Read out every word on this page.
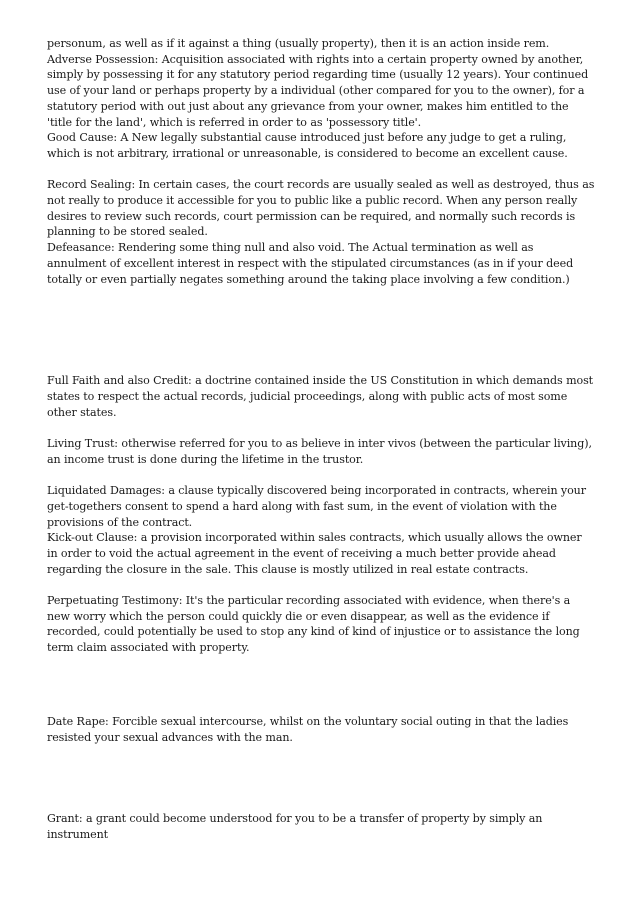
personum, as well as if it against a thing (usually property), then it is an action inside rem.

Adverse Possession: Acquisition associated with rights into a certain property owned by another, simply by possessing it for any statutory period regarding time (usually 12 years). Your continued use of your land or perhaps property by a individual (other compared for you to the owner), for a statutory period with out just about any grievance from your owner, makes him entitled to the 'title for the land', which is referred in order to as 'possessory title'.

Good Cause: A New legally substantial cause introduced just before any judge to get a ruling, which is not arbitrary, irrational or unreasonable, is considered to become an excellent cause.

Record Sealing: In certain cases, the court records are usually sealed as well as destroyed, thus as not really to produce it accessible for you to public like a public record. When any person really desires to review such records, court permission can be required, and normally such records is planning to be stored sealed.

Defeasance: Rendering some thing null and also void. The Actual termination as well as annulment of excellent interest in respect with the stipulated circumstances (as in if your deed totally or even partially negates something around the taking place involving a few condition.)

Full Faith and also Credit: a doctrine contained inside the US Constitution in which demands most states to respect the actual records, judicial proceedings, along with public acts of most some other states.

Living Trust: otherwise referred for you to as believe in inter vivos (between the particular living), an income trust is done during the lifetime in the trustor.

Liquidated Damages: a clause typically discovered being incorporated in contracts, wherein your get-togethers consent to spend a hard along with fast sum, in the event of violation with the provisions of the contract.

Kick-out Clause: a provision incorporated within sales contracts, which usually allows the owner in order to void the actual agreement in the event of receiving a much better provide ahead regarding the closure in the sale. This clause is mostly utilized in real estate contracts.

Perpetuating Testimony: It's the particular recording associated with evidence, when there's a new worry which the person could quickly die or even disappear, as well as the evidence if recorded, could potentially be used to stop any kind of kind of injustice or to assistance the long term claim associated with property.

Date Rape: Forcible sexual intercourse, whilst on the voluntary social outing in that the ladies resisted your sexual advances with the man.

Grant: a grant could become understood for you to be a transfer of property by simply an instrument
